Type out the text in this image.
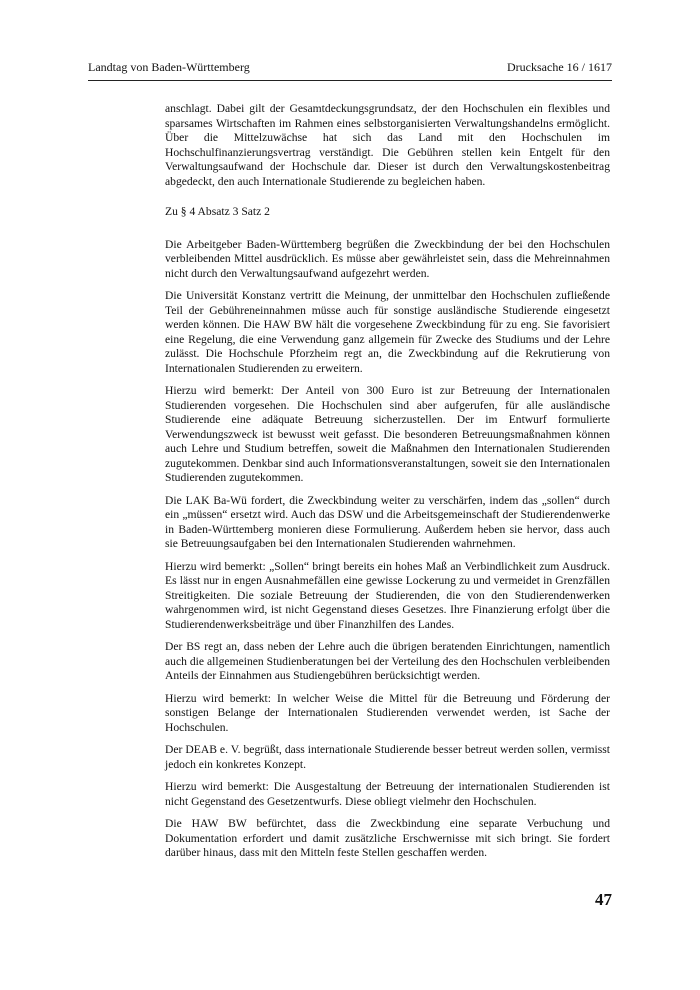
Landtag von Baden-Württemberg	Drucksache 16 / 1617

anschlagt. Dabei gilt der Gesamtdeckungsgrundsatz, der den Hochschulen ein flexibles und sparsames Wirtschaften im Rahmen eines selbstorganisierten Verwaltungshandelns ermöglicht. Über die Mittelzuwächse hat sich das Land mit den Hochschulen im Hochschulfinanzierungsvertrag verständigt. Die Gebühren stellen kein Entgelt für den Verwaltungsaufwand der Hochschule dar. Dieser ist durch den Verwaltungskostenbeitrag abgedeckt, den auch Internationale Studierende zu begleichen haben.

Zu § 4 Absatz 3 Satz 2

Die Arbeitgeber Baden-Württemberg begrüßen die Zweckbindung der bei den Hochschulen verbleibenden Mittel ausdrücklich. Es müsse aber gewährleistet sein, dass die Mehreinnahmen nicht durch den Verwaltungsaufwand aufgezehrt werden.

Die Universität Konstanz vertritt die Meinung, der unmittelbar den Hochschulen zufließende Teil der Gebühreneinnahmen müsse auch für sonstige ausländische Studierende eingesetzt werden können. Die HAW BW hält die vorgesehene Zweckbindung für zu eng. Sie favorisiert eine Regelung, die eine Verwendung ganz allgemein für Zwecke des Studiums und der Lehre zulässt. Die Hochschule Pforzheim regt an, die Zweckbindung auf die Rekrutierung von Internationalen Studierenden zu erweitern.

Hierzu wird bemerkt: Der Anteil von 300 Euro ist zur Betreuung der Internationalen Studierenden vorgesehen. Die Hochschulen sind aber aufgerufen, für alle ausländische Studierende eine adäquate Betreuung sicherzustellen. Der im Entwurf formulierte Verwendungszweck ist bewusst weit gefasst. Die besonderen Betreuungsmaßnahmen können auch Lehre und Studium betreffen, soweit die Maßnahmen den Internationalen Studierenden zugutekommen. Denkbar sind auch Informationsveranstaltungen, soweit sie den Internationalen Studierenden zugutekommen.

Die LAK Ba-Wü fordert, die Zweckbindung weiter zu verschärfen, indem das „sollen“ durch ein „müssen“ ersetzt wird. Auch das DSW und die Arbeitsgemeinschaft der Studierendenwerke in Baden-Württemberg monieren diese Formulierung. Außerdem heben sie hervor, dass auch sie Betreuungsaufgaben bei den Internationalen Studierenden wahrnehmen.

Hierzu wird bemerkt: „Sollen“ bringt bereits ein hohes Maß an Verbindlichkeit zum Ausdruck. Es lässt nur in engen Ausnahmefällen eine gewisse Lockerung zu und vermeidet in Grenzfällen Streitigkeiten. Die soziale Betreuung der Studierenden, die von den Studierendenwerken wahrgenommen wird, ist nicht Gegenstand dieses Gesetzes. Ihre Finanzierung erfolgt über die Studierendenwerksbeiträge und über Finanzhilfen des Landes.

Der BS regt an, dass neben der Lehre auch die übrigen beratenden Einrichtungen, namentlich auch die allgemeinen Studienberatungen bei der Verteilung des den Hochschulen verbleibenden Anteils der Einnahmen aus Studiengebühren berücksichtigt werden.

Hierzu wird bemerkt: In welcher Weise die Mittel für die Betreuung und Förderung der sonstigen Belange der Internationalen Studierenden verwendet werden, ist Sache der Hochschulen.

Der DEAB e. V. begrüßt, dass internationale Studierende besser betreut werden sollen, vermisst jedoch ein konkretes Konzept.

Hierzu wird bemerkt: Die Ausgestaltung der Betreuung der internationalen Studierenden ist nicht Gegenstand des Gesetzentwurfs. Diese obliegt vielmehr den Hochschulen.

Die HAW BW befürchtet, dass die Zweckbindung eine separate Verbuchung und Dokumentation erfordert und damit zusätzliche Erschwernisse mit sich bringt. Sie fordert darüber hinaus, dass mit den Mitteln feste Stellen geschaffen werden.

47
